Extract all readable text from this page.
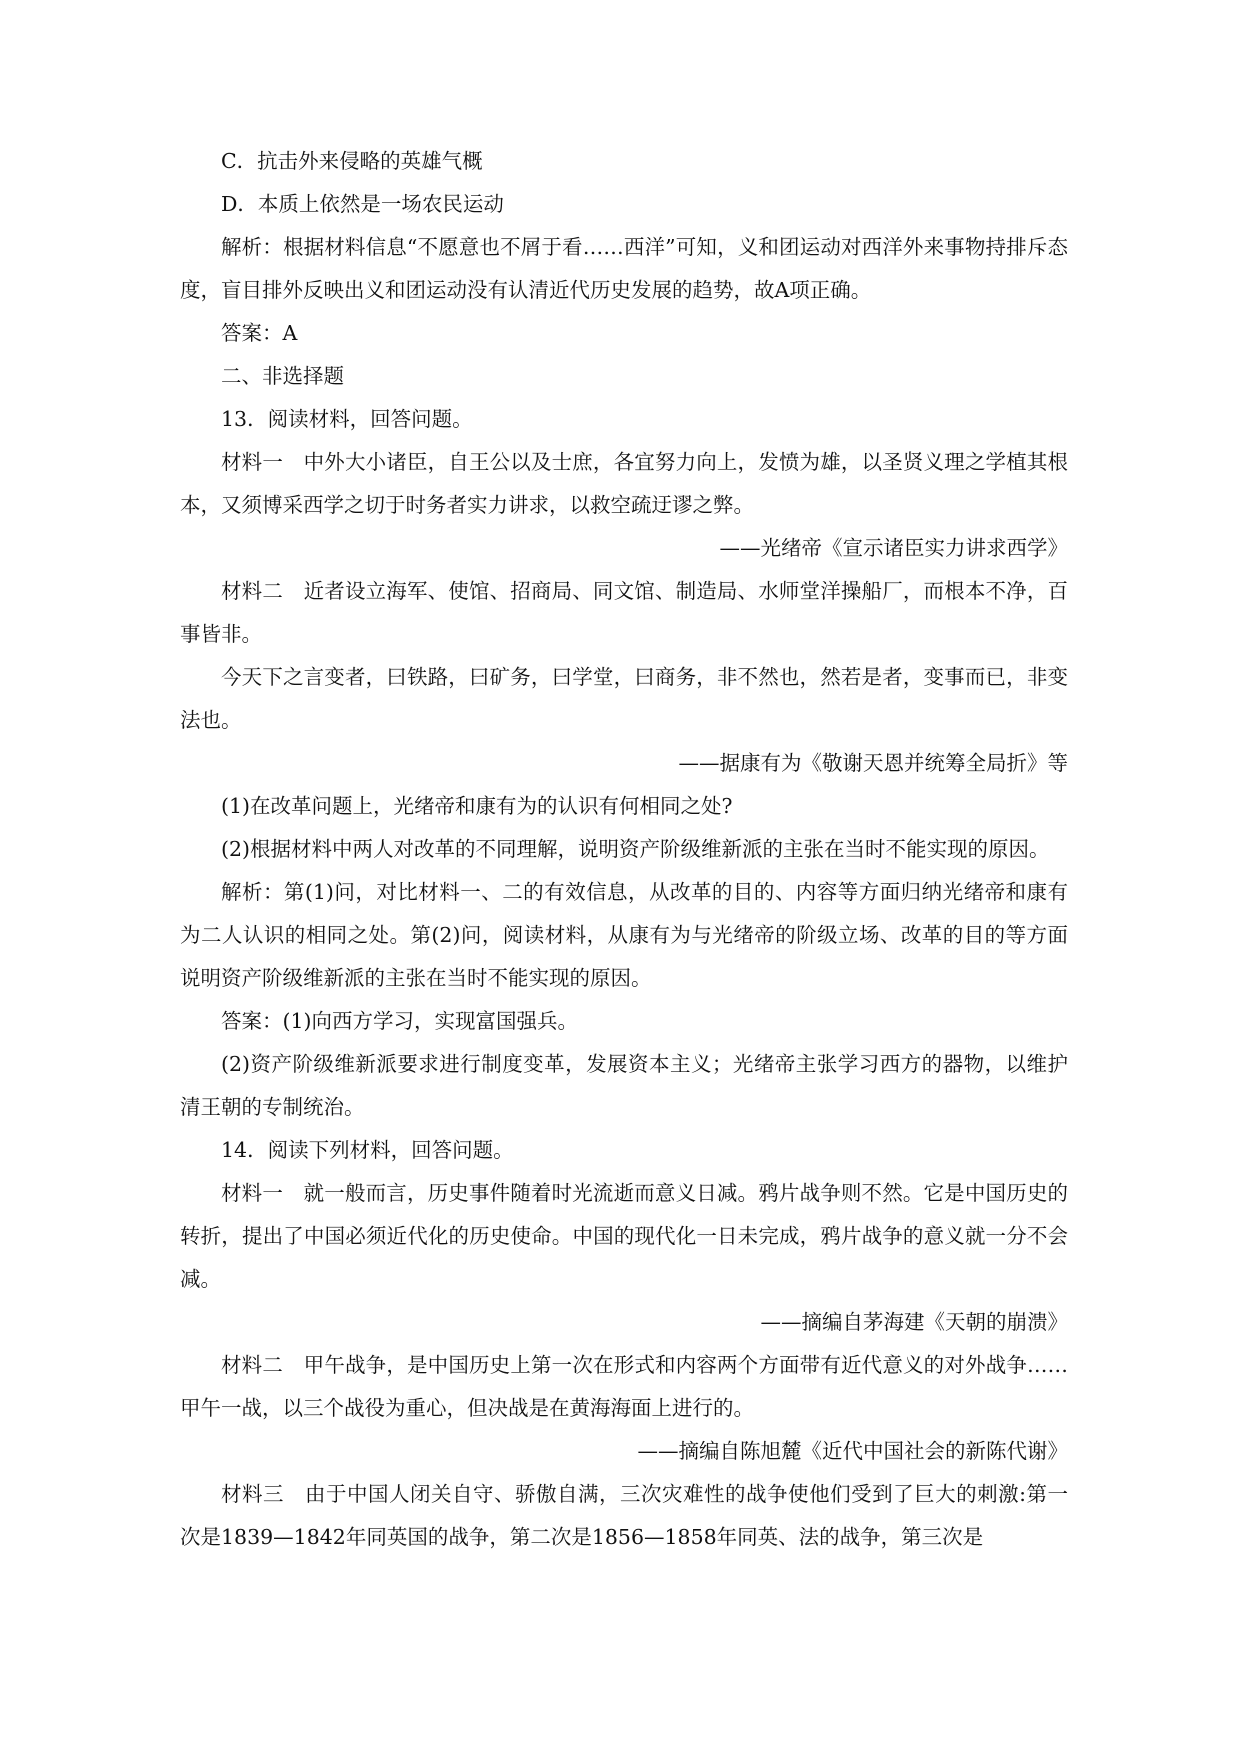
C．抗击外来侵略的英雄气概

D．本质上依然是一场农民运动

解析：根据材料信息“不愿意也不屑于看……西洋”可知，义和团运动对西洋外来事物持排斥态度，盲目排外反映出义和团运动没有认清近代历史发展的趋势，故A项正确。

答案：A

二、非选择题

13．阅读材料，回答问题。

材料一　中外大小诸臣，自王公以及士庶，各宜努力向上，发愤为雄，以圣贤义理之学植其根本，又须博采西学之切于时务者实力讲求，以救空疏迂谬之弊。

——光绪帝《宣示诸臣实力讲求西学》

材料二　近者设立海军、使馆、招商局、同文馆、制造局、水师堂洋操船厂，而根本不净，百事皆非。

今天下之言变者，曰铁路，曰矿务，曰学堂，曰商务，非不然也，然若是者，变事而已，非变法也。

——据康有为《敬谢天恩并统筹全局折》等

(1)在改革问题上，光绪帝和康有为的认识有何相同之处?

(2)根据材料中两人对改革的不同理解，说明资产阶级维新派的主张在当时不能实现的原因。

解析：第(1)问，对比材料一、二的有效信息，从改革的目的、内容等方面归纳光绪帝和康有为二人认识的相同之处。第(2)问，阅读材料，从康有为与光绪帝的阶级立场、改革的目的等方面说明资产阶级维新派的主张在当时不能实现的原因。

答案：(1)向西方学习，实现富国强兵。

(2)资产阶级维新派要求进行制度变革，发展资本主义；光绪帝主张学习西方的器物，以维护清王朝的专制统治。

14．阅读下列材料，回答问题。

材料一　就一般而言，历史事件随着时光流逝而意义日减。鸦片战争则不然。它是中国历史的转折，提出了中国必须近代化的历史使命。中国的现代化一日未完成，鸦片战争的意义就一分不会减。

——摘编自茅海建《天朝的崩溃》

材料二　甲午战争，是中国历史上第一次在形式和内容两个方面带有近代意义的对外战争……甲午一战，以三个战役为重心，但决战是在黄海海面上进行的。

——摘编自陈旭麓《近代中国社会的新陈代谢》

材料三　由于中国人闭关自守、骄傲自满，三次灾难性的战争使他们受到了巨大的刺激:第一次是1839—1842年同英国的战争，第二次是1856—1858年同英、法的战争，第三次是
